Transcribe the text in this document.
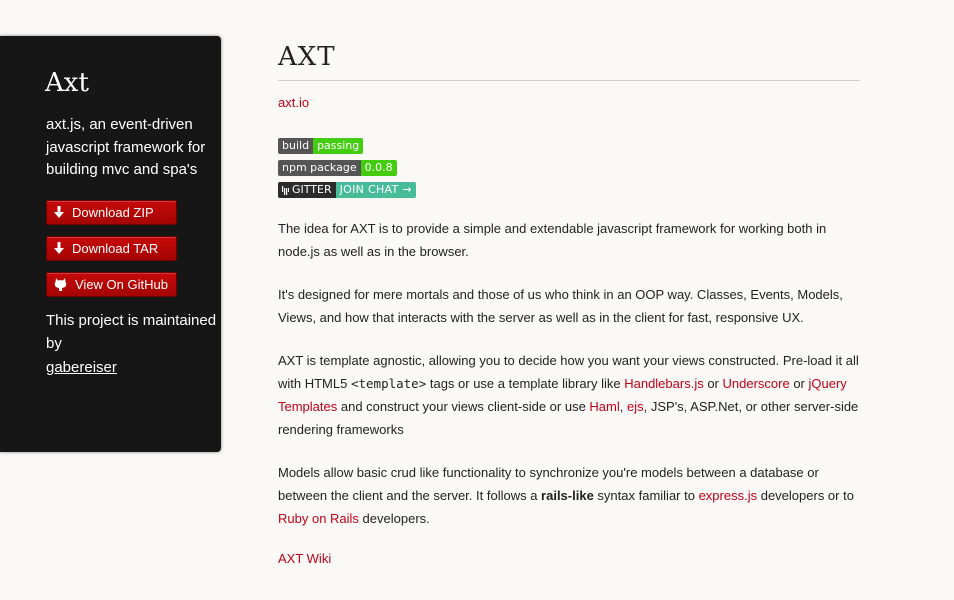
Axt

axt.js, an event-driven javascript framework for building mvc and spa's

Download ZIP
Download TAR
View On GitHub

This project is maintained by
gabereiser

AXT
axt.io
build passing
npm package 0.0.8
GITTER JOIN CHAT →

The idea for AXT is to provide a simple and extendable javascript framework for working both in node.js as well as in the browser.

It's designed for mere mortals and those of us who think in an OOP way. Classes, Events, Models, Views, and how that interacts with the server as well as in the client for fast, responsive UX.

AXT is template agnostic, allowing you to decide how you want your views constructed. Pre-load it all with HTML5 <template> tags or use a template library like Handlebars.js or Underscore or jQuery Templates and construct your views client-side or use Haml, ejs, JSP's, ASP.Net, or other server-side rendering frameworks

Models allow basic crud like functionality to synchronize you're models between a database or between the client and the server. It follows a rails-like syntax familiar to express.js developers or to Ruby on Rails developers.

AXT Wiki
